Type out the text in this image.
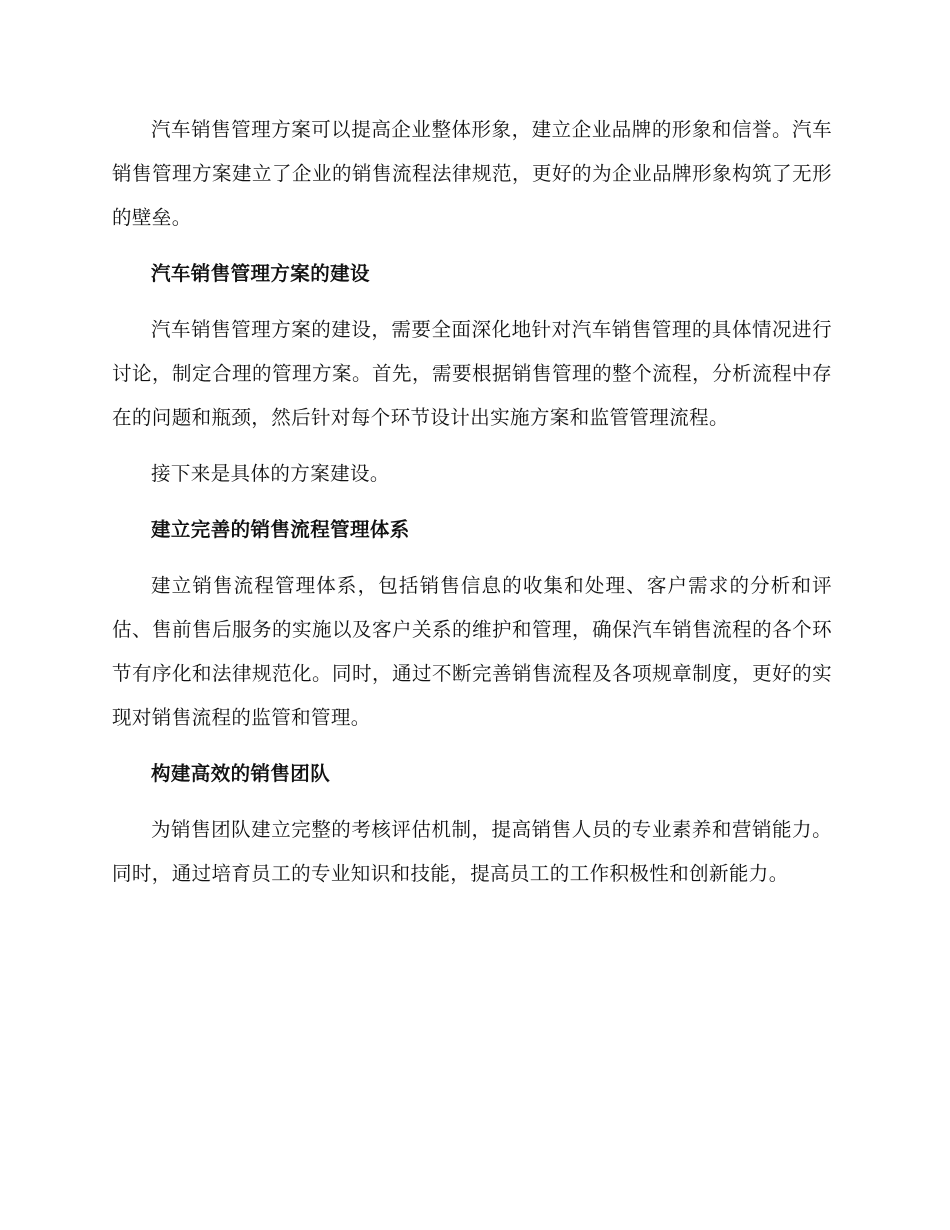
汽车销售管理方案可以提高企业整体形象，建立企业品牌的形象和信誉。汽车销售管理方案建立了企业的销售流程法律规范，更好的为企业品牌形象构筑了无形的壁垒。

汽车销售管理方案的建设

汽车销售管理方案的建设，需要全面深化地针对汽车销售管理的具体情况进行讨论，制定合理的管理方案。首先，需要根据销售管理的整个流程，分析流程中存在的问题和瓶颈，然后针对每个环节设计出实施方案和监管管理流程。

接下来是具体的方案建设。

建立完善的销售流程管理体系

建立销售流程管理体系，包括销售信息的收集和处理、客户需求的分析和评估、售前售后服务的实施以及客户关系的维护和管理，确保汽车销售流程的各个环节有序化和法律规范化。同时，通过不断完善销售流程及各项规章制度，更好的实现对销售流程的监管和管理。

构建高效的销售团队

为销售团队建立完整的考核评估机制，提高销售人员的专业素养和营销能力。同时，通过培育员工的专业知识和技能，提高员工的工作积极性和创新能力。
